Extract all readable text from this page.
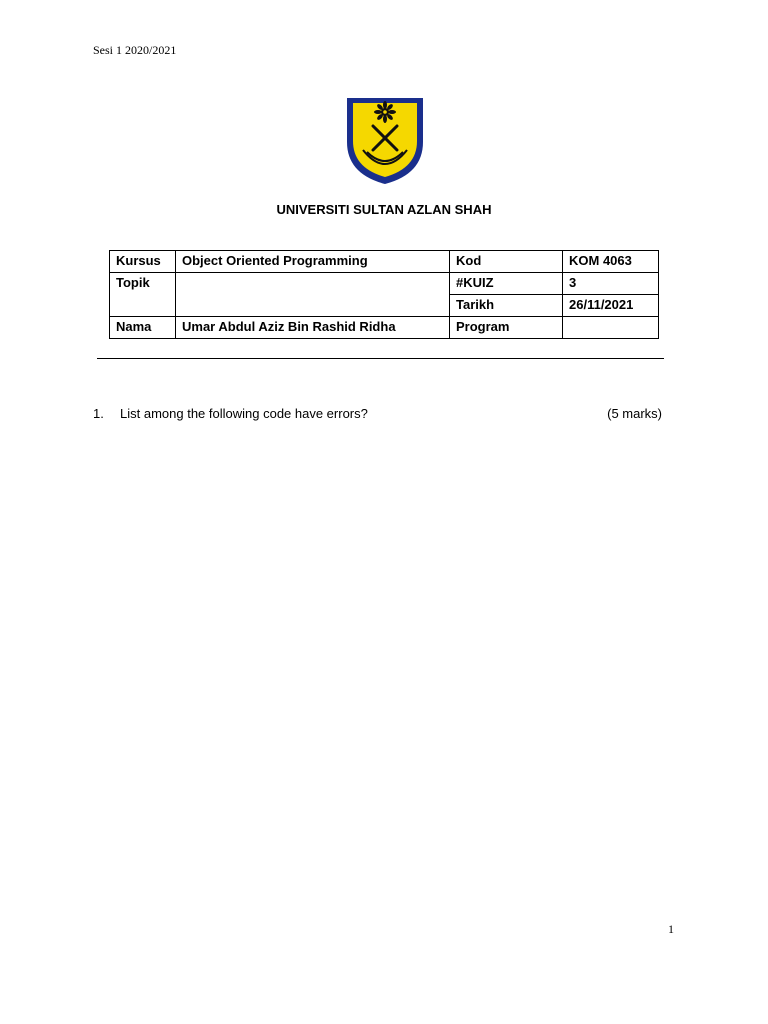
Sesi 1 2020/2021
UNIVERSITI SULTAN AZLAN SHAH
Kursus	Object Oriented Programming	Kod	KOM 4063
Topik		#KUIZ	3
		Tarikh	26/11/2021
Nama	Umar Abdul Aziz Bin Rashid Ridha	Program	
1. List among the following code have errors?	(5 marks)
1
